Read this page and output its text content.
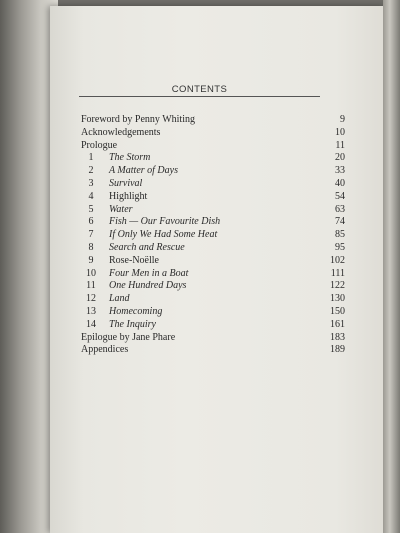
CONTENTS
Foreword by Penny Whiting	9
Acknowledgements	10
Prologue	11
1	The Storm	20
2	A Matter of Days	33
3	Survival	40
4	Highlight	54
5	Water	63
6	Fish — Our Favourite Dish	74
7	If Only We Had Some Heat	85
8	Search and Rescue	95
9	Rose-Noëlle	102
10 Four Men in a Boat	111
11 One Hundred Days	122
12 Land	130
13 Homecoming	150
14 The Inquiry	161
Epilogue by Jane Phare	183
Appendices	189
